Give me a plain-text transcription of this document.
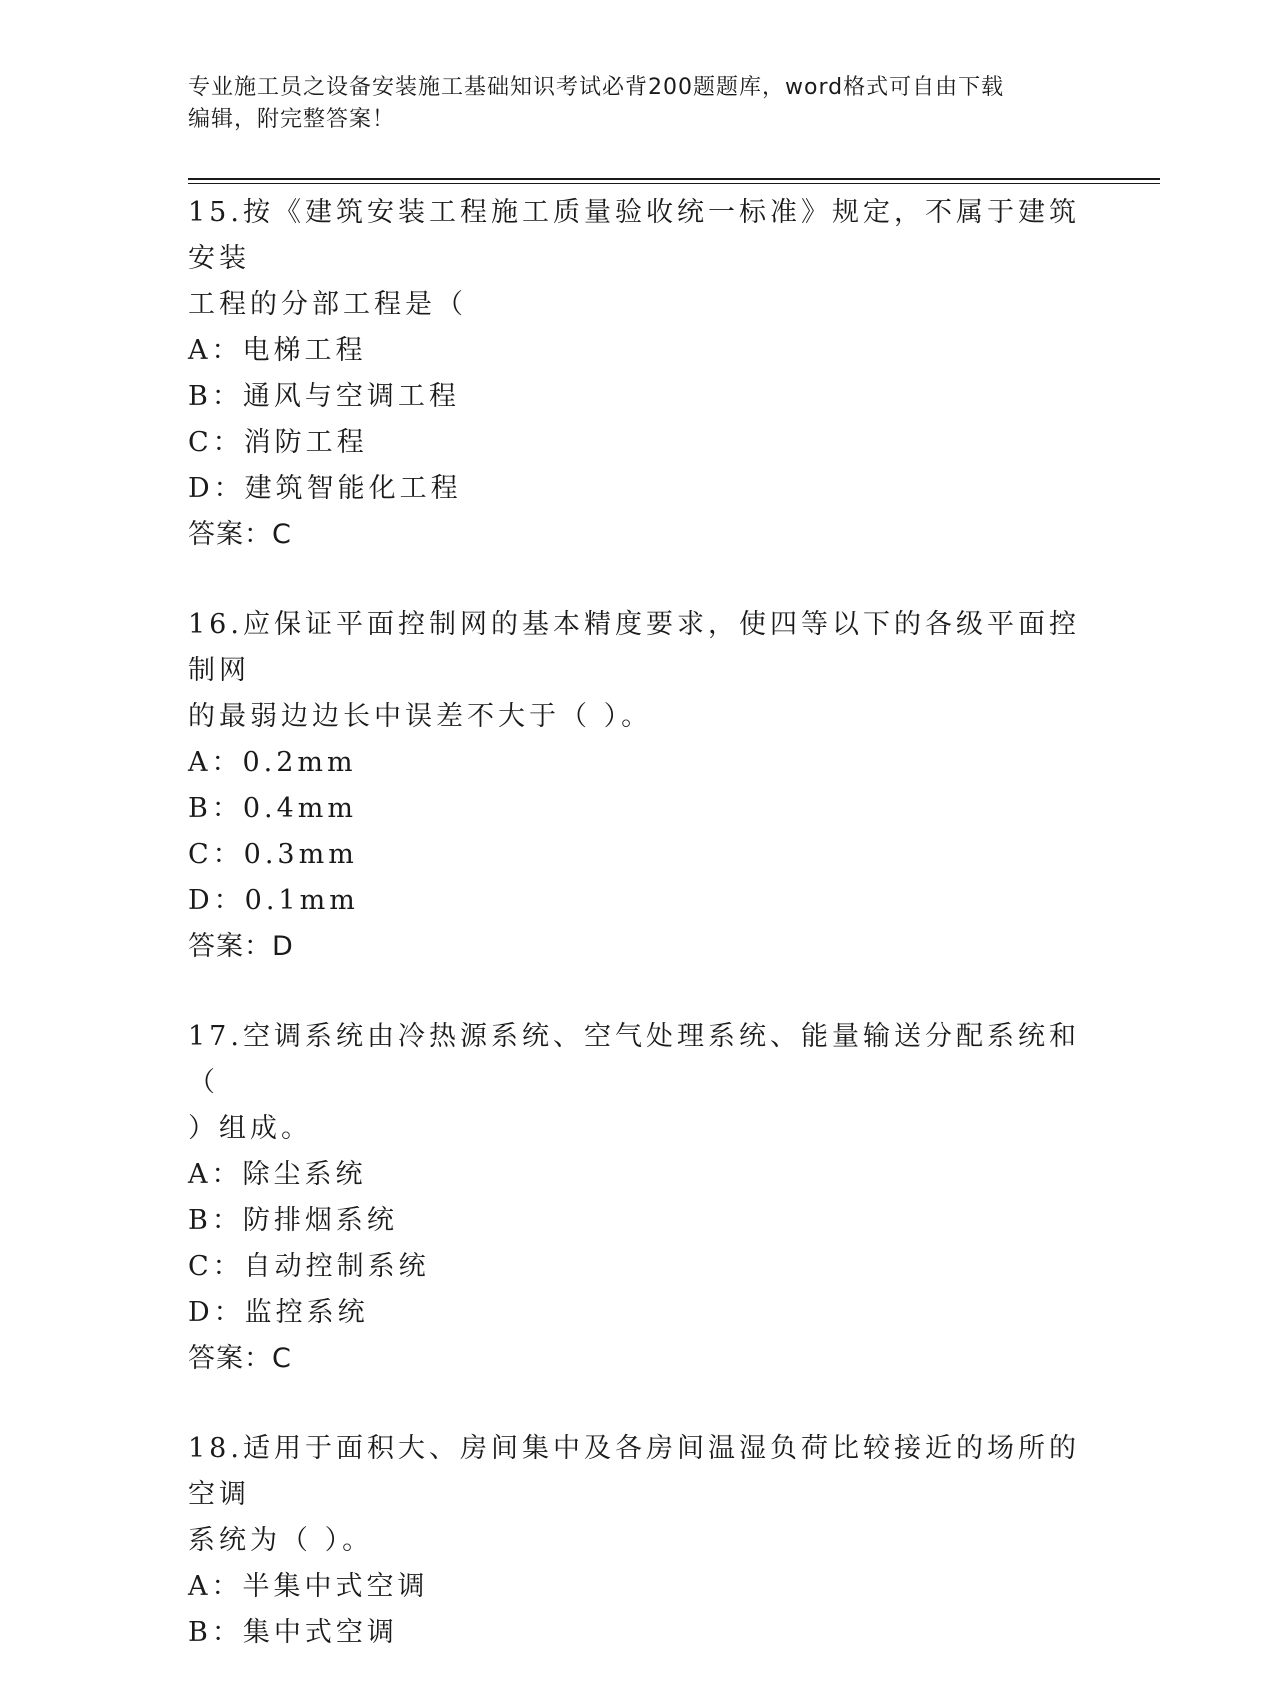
专业施工员之设备安装施工基础知识考试必背200题题库，word格式可自由下载
编辑，附完整答案！

15.按《建筑安装工程施工质量验收统一标准》规定，不属于建筑安装

工程的分部工程是（

A：电梯工程

B：通风与空调工程

C：消防工程

D：建筑智能化工程

答案：C

16.应保证平面控制网的基本精度要求，使四等以下的各级平面控制网

的最弱边边长中误差不大于（ ）。

A：0.2mm

B：0.4mm

C：0.3mm

D：0.1mm

答案：D

17.空调系统由冷热源系统、空气处理系统、能量输送分配系统和（

）组成。

A：除尘系统

B：防排烟系统

C：自动控制系统

D：监控系统

答案：C

18.适用于面积大、房间集中及各房间温湿负荷比较接近的场所的空调

系统为（ ）。

A：半集中式空调

B：集中式空调
